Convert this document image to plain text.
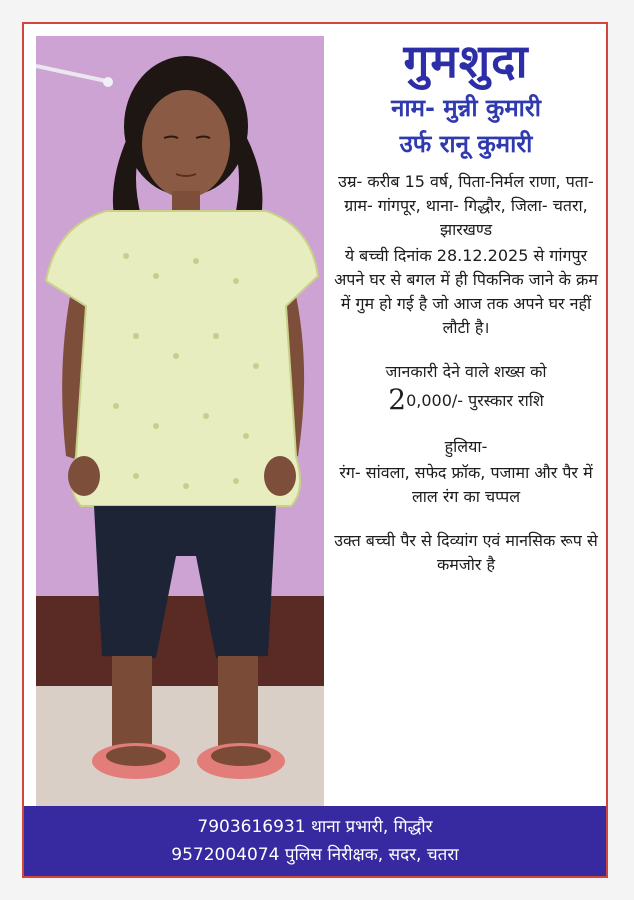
गुमशुदा
नाम- मुन्नी कुमारी
उर्फ रानू कुमारी
उम्र- करीब 15 वर्ष, पिता-निर्मल राणा, पता- ग्राम- गांगपूर, थाना- गिद्धौर, जिला- चतरा, झारखण्ड
ये बच्ची दिनांक 28.12.2025 से गांगपुर अपने घर से बगल में ही पिकनिक जाने के क्रम में गुम हो गई है जो आज तक अपने घर नहीं लौटी है।
जानकारी देने वाले शख्स को
20,000/- पुरस्कार राशि
हुलिया-
रंग- सांवला, सफेद फ्रॉक, पजामा और पैर में लाल रंग का चप्पल
उक्त बच्ची पैर से दिव्यांग एवं मानसिक रूप से कमजोर है
7903616931 थाना प्रभारी, गिद्धौर
9572004074 पुलिस निरीक्षक, सदर, चतरा
